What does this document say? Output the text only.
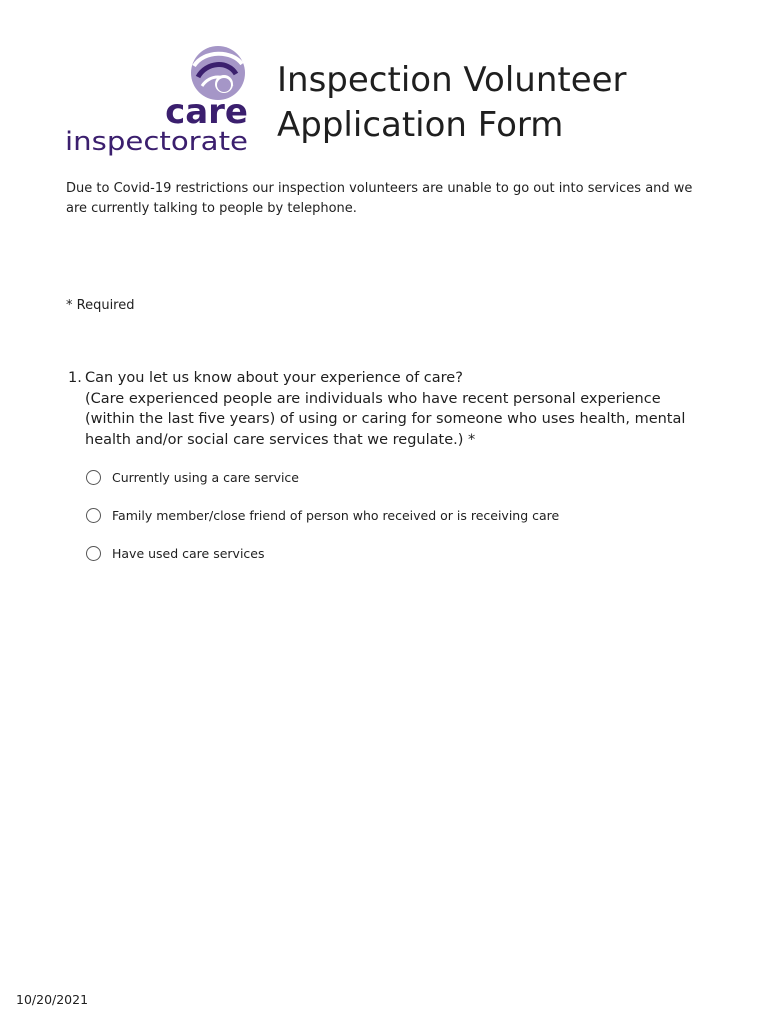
care
inspectorate
Inspection Volunteer
Application Form

Due to Covid-19 restrictions our inspection volunteers are unable to go out into services and we
are currently talking to people by telephone.

* Required
1. Can you let us know about your experience of care?
(Care experienced people are individuals who have recent personal experience
(within the last five years) of using or caring for someone who uses health, mental
health and/or social care services that we regulate.) *
Currently using a care service
Family member/close friend of person who received or is receiving care
Have used care services
10/20/2021
